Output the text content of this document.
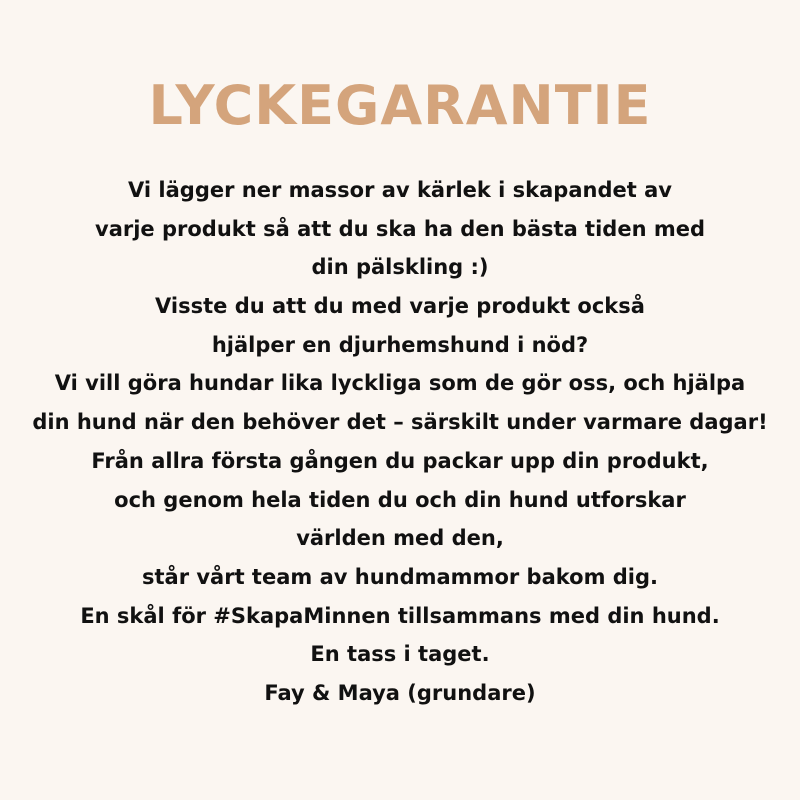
LYCKEGARANTIE
Vi lägger ner massor av kärlek i skapandet av
varje produkt så att du ska ha den bästa tiden med
din pälskling :)
Visste du att du med varje produkt också
hjälper en djurhemshund i nöd?
Vi vill göra hundar lika lyckliga som de gör oss, och hjälpa
din hund när den behöver det – särskilt under varmare dagar!
Från allra första gången du packar upp din produkt,
och genom hela tiden du och din hund utforskar
världen med den,
står vårt team av hundmammor bakom dig.
En skål för #SkapaMinnen tillsammans med din hund.
En tass i taget.
Fay & Maya (grundare)
